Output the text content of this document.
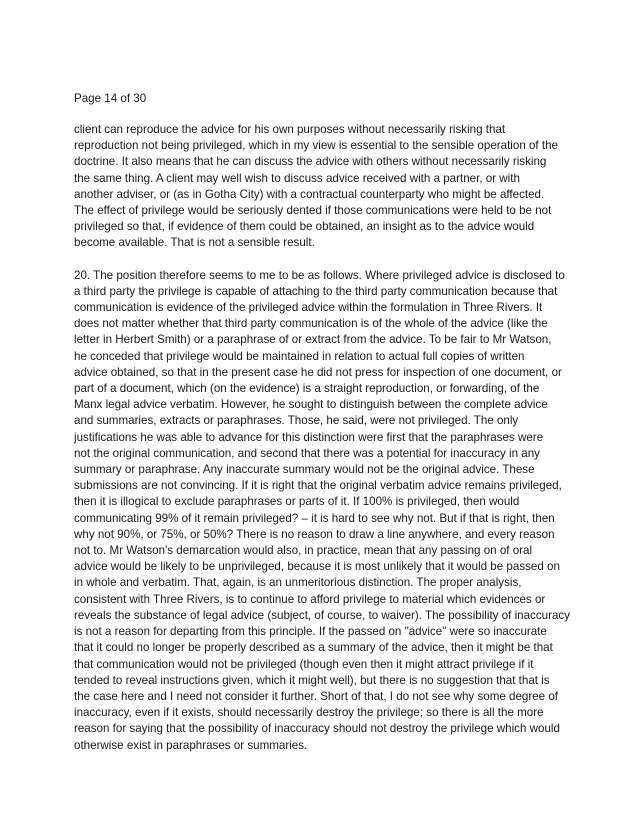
Page 14 of 30

client can reproduce the advice for his own purposes without necessarily risking that
reproduction not being privileged, which in my view is essential to the sensible operation of the
doctrine. It also means that he can discuss the advice with others without necessarily risking
the same thing. A client may well wish to discuss advice received with a partner, or with
another adviser, or (as in Gotha City) with a contractual counterparty who might be affected.
The effect of privilege would be seriously dented if those communications were held to be not
privileged so that, if evidence of them could be obtained, an insight as to the advice would
become available. That is not a sensible result.

20. The position therefore seems to me to be as follows. Where privileged advice is disclosed to
a third party the privilege is capable of attaching to the third party communication because that
communication is evidence of the privileged advice within the formulation in Three Rivers. It
does not matter whether that third party communication is of the whole of the advice (like the
letter in Herbert Smith) or a paraphrase of or extract from the advice. To be fair to Mr Watson,
he conceded that privilege would be maintained in relation to actual full copies of written
advice obtained, so that in the present case he did not press for inspection of one document, or
part of a document, which (on the evidence) is a straight reproduction, or forwarding, of the
Manx legal advice verbatim. However, he sought to distinguish between the complete advice
and summaries, extracts or paraphrases. Those, he said, were not privileged. The only
justifications he was able to advance for this distinction were first that the paraphrases were
not the original communication, and second that there was a potential for inaccuracy in any
summary or paraphrase. Any inaccurate summary would not be the original advice. These
submissions are not convincing. If it is right that the original verbatim advice remains privileged,
then it is illogical to exclude paraphrases or parts of it. If 100% is privileged, then would
communicating 99% of it remain privileged? – it is hard to see why not. But if that is right, then
why not 90%, or 75%, or 50%? There is no reason to draw a line anywhere, and every reason
not to. Mr Watson's demarcation would also, in practice, mean that any passing on of oral
advice would be likely to be unprivileged, because it is most unlikely that it would be passed on
in whole and verbatim. That, again, is an unmeritorious distinction. The proper analysis,
consistent with Three Rivers, is to continue to afford privilege to material which evidences or
reveals the substance of legal advice (subject, of course, to waiver). The possibility of inaccuracy
is not a reason for departing from this principle. If the passed on "advice" were so inaccurate
that it could no longer be properly described as a summary of the advice, then it might be that
that communication would not be privileged (though even then it might attract privilege if it
tended to reveal instructions given, which it might well), but there is no suggestion that that is
the case here and I need not consider it further. Short of that, I do not see why some degree of
inaccuracy, even if it exists, should necessarily destroy the privilege; so there is all the more
reason for saying that the possibility of inaccuracy should not destroy the privilege which would
otherwise exist in paraphrases or summaries.
